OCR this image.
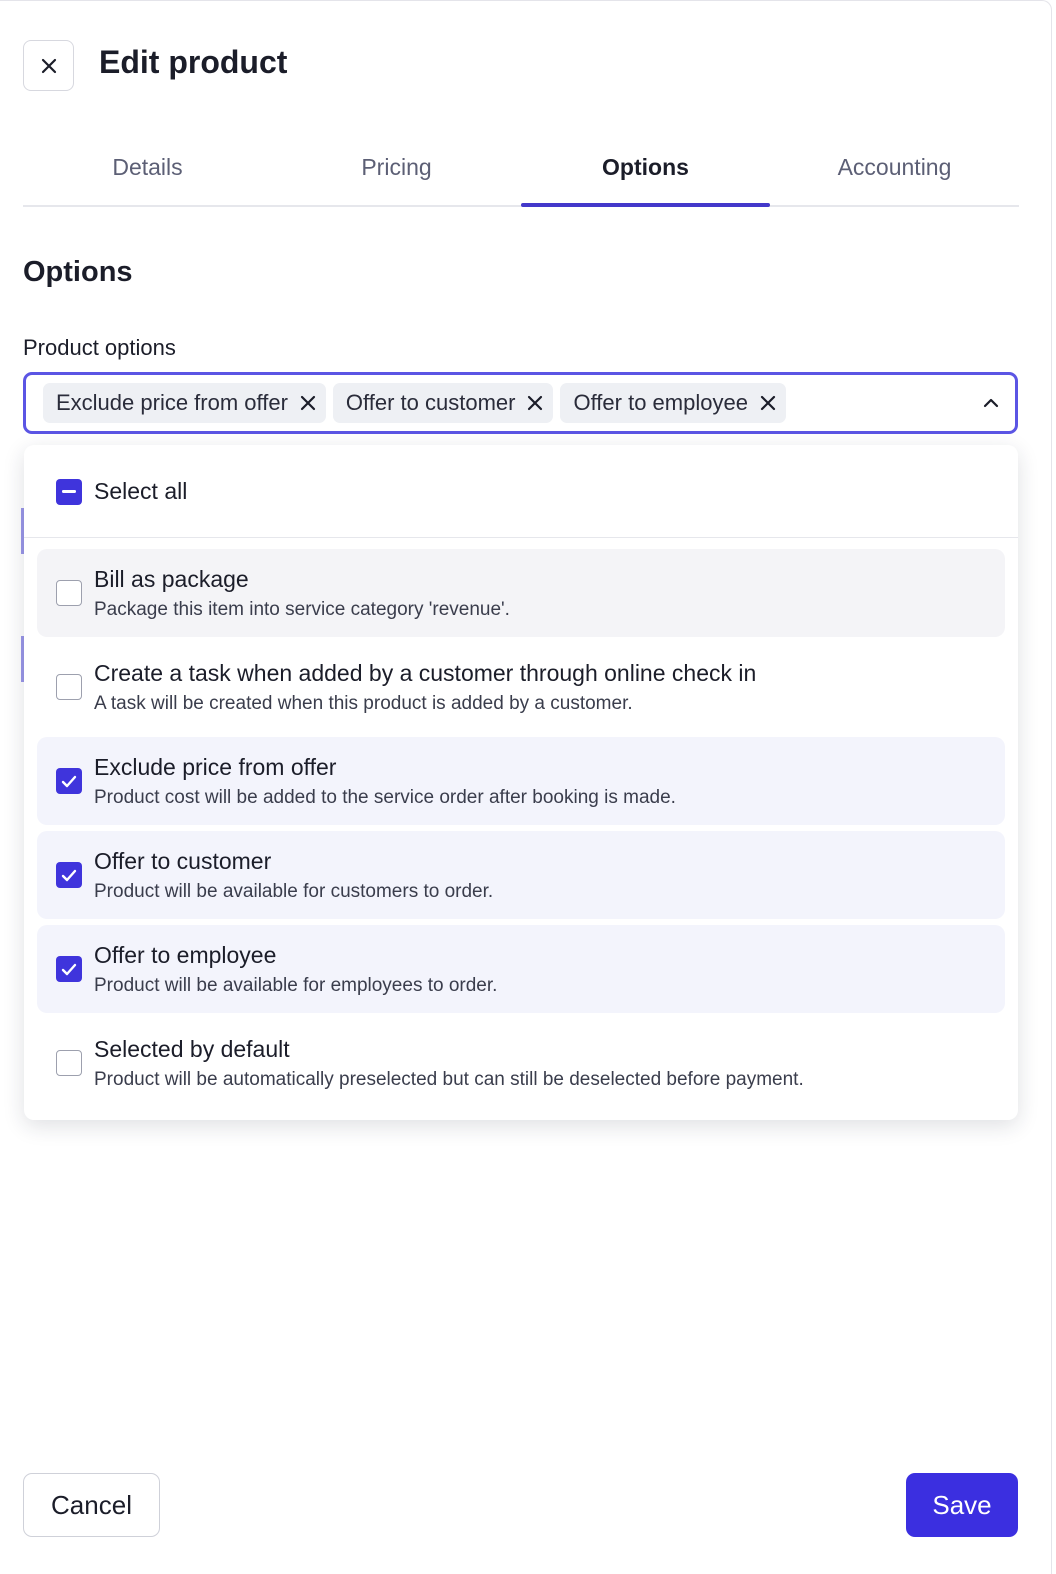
Edit product
Details	Pricing	Options	Accounting
Options
Product options
Exclude price from offer	Offer to customer	Offer to employee
Select all
Bill as package
Package this item into service category 'revenue'.
Create a task when added by a customer through online check in
A task will be created when this product is added by a customer.
Exclude price from offer
Product cost will be added to the service order after booking is made.
Offer to customer
Product will be available for customers to order.
Offer to employee
Product will be available for employees to order.
Selected by default
Product will be automatically preselected but can still be deselected before payment.
Cancel	Save
